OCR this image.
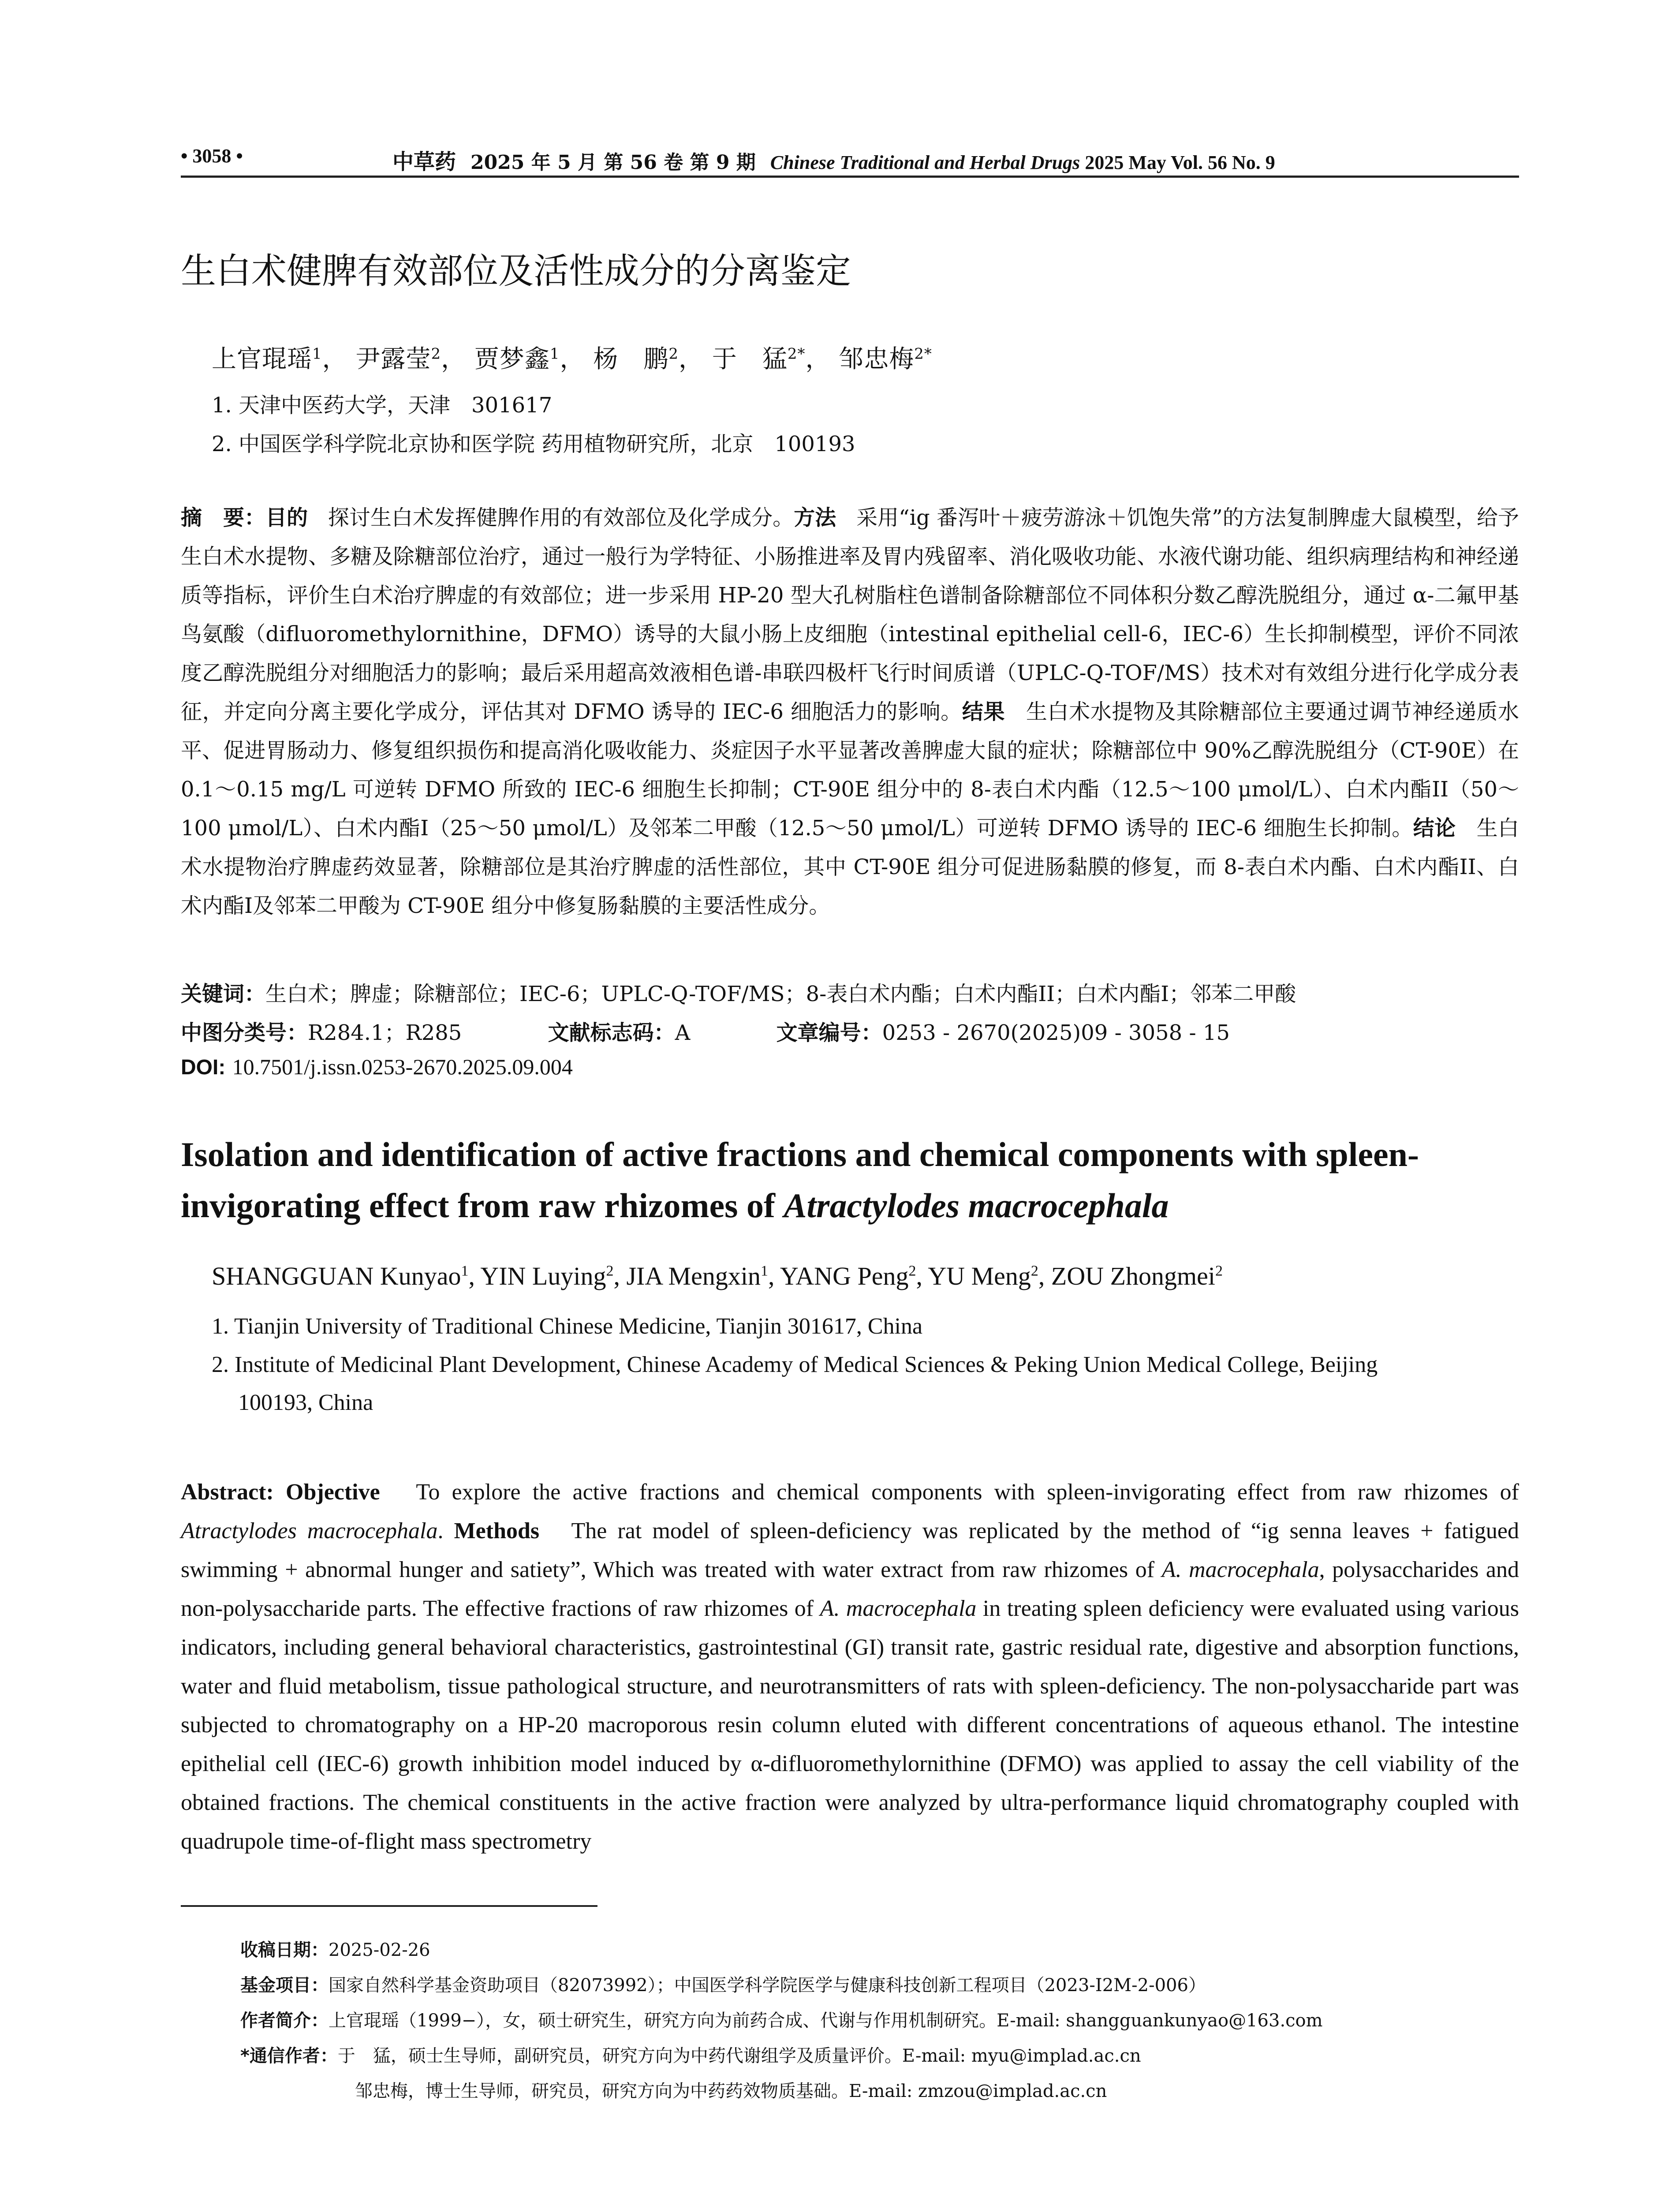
• 3058 •	中草药 2025 年 5 月 第 56 卷 第 9 期 Chinese Traditional and Herbal Drugs 2025 May Vol. 56 No. 9
生白术健脾有效部位及活性成分的分离鉴定
上官琨瑶$^1$， 尹露莹$^2$， 贾梦鑫$^1$， 杨　鹏$^2$， 于　猛$^{2*}$， 邹忠梅$^{2*}$
1. 天津中医药大学，天津　301617
2. 中国医学科学院北京协和医学院 药用植物研究所，北京　100193
摘　要：目的 探讨生白术发挥健脾作用的有效部位及化学成分。方法 采用“ig 番泻叶＋疲劳游泳＋饥饱失常”的方法复制脾虚大鼠模型，给予生白术水提物、多糖及除糖部位治疗，通过一般行为学特征、小肠推进率及胃内残留率、消化吸收功能、水液代谢功能、组织病理结构和神经递质等指标，评价生白术治疗脾虚的有效部位；进一步采用 HP-20 型大孔树脂柱色谱制备除糖部位不同体积分数乙醇洗脱组分，通过 α-二氟甲基鸟氨酸（difluoromethylornithine，DFMO）诱导的大鼠小肠上皮细胞（intestinal epithelial cell-6，IEC-6）生长抑制模型，评价不同浓度乙醇洗脱组分对细胞活力的影响；最后采用超高效液相色谱-串联四极杆飞行时间质谱（UPLC-Q-TOF/MS）技术对有效组分进行化学成分表征，并定向分离主要化学成分，评估其对 DFMO 诱导的 IEC-6 细胞活力的影响。结果 生白术水提物及其除糖部位主要通过调节神经递质水平、促进胃肠动力、修复组织损伤和提高消化吸收能力、炎症因子水平显著改善脾虚大鼠的症状；除糖部位中 90%乙醇洗脱组分（CT-90E）在 0.1～0.15 mg/L 可逆转 DFMO 所致的 IEC-6 细胞生长抑制；CT-90E 组分中的 8-表白术内酯（12.5～100 μmol/L）、白术内酯II（50～100 μmol/L）、白术内酯I（25～50 μmol/L）及邻苯二甲酸（12.5～50 μmol/L）可逆转 DFMO 诱导的 IEC-6 细胞生长抑制。结论 生白术水提物治疗脾虚药效显著，除糖部位是其治疗脾虚的活性部位，其中 CT-90E 组分可促进肠黏膜的修复，而 8-表白术内酯、白术内酯II、白术内酯I及邻苯二甲酸为 CT-90E 组分中修复肠黏膜的主要活性成分。
关键词：生白术；脾虚；除糖部位；IEC-6；UPLC-Q-TOF/MS；8-表白术内酯；白术内酯II；白术内酯I；邻苯二甲酸
中图分类号：R284.1；R285	文献标志码：A	文章编号：0253 - 2670(2025)09 - 3058 - 15
DOI: 10.7501/j.issn.0253-2670.2025.09.004
Isolation and identification of active fractions and chemical components with spleen-invigorating effect from raw rhizomes of Atractylodes macrocephala
SHANGGUAN Kunyao$^1$, YIN Luying$^2$, JIA Mengxin$^1$, YANG Peng$^2$, YU Meng$^2$, ZOU Zhongmei$^2$
1. Tianjin University of Traditional Chinese Medicine, Tianjin 301617, China
2. Institute of Medicinal Plant Development, Chinese Academy of Medical Sciences & Peking Union Medical College, Beijing
100193, China
Abstract: Objective To explore the active fractions and chemical components with spleen-invigorating effect from raw rhizomes of Atractylodes macrocephala. Methods The rat model of spleen-deficiency was replicated by the method of “ig senna leaves + fatigued swimming + abnormal hunger and satiety”, Which was treated with water extract from raw rhizomes of A. macrocephala, polysaccharides and non-polysaccharide parts. The effective fractions of raw rhizomes of A. macrocephala in treating spleen deficiency were evaluated using various indicators, including general behavioral characteristics, gastrointestinal (GI) transit rate, gastric residual rate, digestive and absorption functions, water and fluid metabolism, tissue pathological structure, and neurotransmitters of rats with spleen-deficiency. The non-polysaccharide part was subjected to chromatography on a HP-20 macroporous resin column eluted with different concentrations of aqueous ethanol. The intestine epithelial cell (IEC-6) growth inhibition model induced by α-difluoromethylornithine (DFMO) was applied to assay the cell viability of the obtained fractions. The chemical constituents in the active fraction were analyzed by ultra-performance liquid chromatography coupled with quadrupole time-of-flight mass spectrometry
收稿日期：2025-02-26
基金项目：国家自然科学基金资助项目（82073992）；中国医学科学院医学与健康科技创新工程项目（2023-I2M-2-006）
作者简介：上官琨瑶（1999−），女，硕士研究生，研究方向为前药合成、代谢与作用机制研究。E-mail: shangguankunyao@163.com
*通信作者：于　猛，硕士生导师，副研究员，研究方向为中药代谢组学及质量评价。E-mail: myu@implad.ac.cn
邹忠梅，博士生导师，研究员，研究方向为中药药效物质基础。E-mail: zmzou@implad.ac.cn
